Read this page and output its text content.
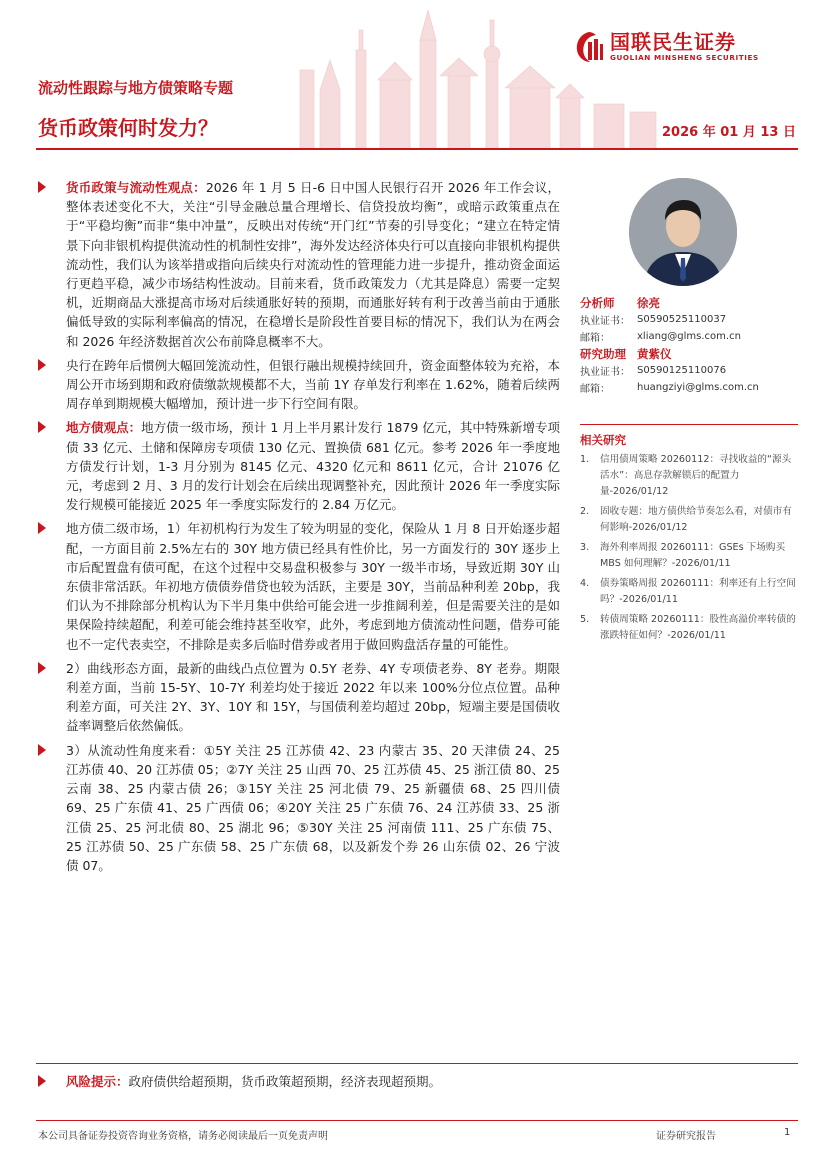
国联民生证券
GUOLIAN MINSHENG SECURITIES
流动性跟踪与地方债策略专题
货币政策何时发力？	2026 年 01 月 13 日
货币政策与流动性观点：2026 年 1 月 5 日-6 日中国人民银行召开 2026 年工作会议，整体表述变化不大，关注“引导金融总量合理增长、信贷投放均衡”，或暗示政策重点在于“平稳均衡”而非“集中冲量”，反映出对传统“开门红”节奏的引导变化；“建立在特定情景下向非银机构提供流动性的机制性安排”，海外发达经济体央行可以直接向非银机构提供流动性，我们认为该举措或指向后续央行对流动性的管理能力进一步提升，推动资金面运行更趋平稳，减少市场结构性波动。目前来看，货币政策发力（尤其是降息）需要一定契机，近期商品大涨提高市场对后续通胀好转的预期，而通胀好转有利于改善当前由于通胀偏低导致的实际利率偏高的情况，在稳增长是阶段性首要目标的情况下，我们认为在两会和 2026 年经济数据首次公布前降息概率不大。
央行在跨年后惯例大幅回笼流动性，但银行融出规模持续回升，资金面整体较为充裕，本周公开市场到期和政府债缴款规模都不大，当前 1Y 存单发行利率在 1.62%，随着后续两周存单到期规模大幅增加，预计进一步下行空间有限。
地方债观点：地方债一级市场，预计 1 月上半月累计发行 1879 亿元，其中特殊新增专项债 33 亿元、土储和保障房专项债 130 亿元、置换债 681 亿元。参考 2026 年一季度地方债发行计划，1-3 月分别为 8145 亿元、4320 亿元和 8611 亿元，合计 21076 亿元，考虑到 2 月、3 月的发行计划会在后续出现调整补充，因此预计 2026 年一季度实际发行规模可能接近 2025 年一季度实际发行的 2.84 万亿元。
地方债二级市场，1）年初机构行为发生了较为明显的变化，保险从 1 月 8 日开始逐步超配，一方面目前 2.5%左右的 30Y 地方债已经具有性价比，另一方面发行的 30Y 逐步上市后配置盘有债可配，在这个过程中交易盘积极参与 30Y 一级半市场，导致近期 30Y 山东债非常活跃。年初地方债债券借贷也较为活跃，主要是 30Y，当前品种利差 20bp，我们认为不排除部分机构认为下半月集中供给可能会进一步推阔利差，但是需要关注的是如果保险持续超配，利差可能会维持甚至收窄，此外，考虑到地方债流动性问题，借券可能也不一定代表卖空，不排除是卖多后临时借券或者用于做回购盘活存量的可能性。
2）曲线形态方面，最新的曲线凸点位置为 0.5Y 老券、4Y 专项债老券、8Y 老券。期限利差方面，当前 15-5Y、10-7Y 利差均处于接近 2022 年以来 100%分位点位置。品种利差方面，可关注 2Y、3Y、10Y 和 15Y，与国债利差均超过 20bp，短端主要是国债收益率调整后依然偏低。
3）从流动性角度来看：①5Y 关注 25 江苏债 42、23 内蒙古 35、20 天津债 24、25 江苏债 40、20 江苏债 05；②7Y 关注 25 山西 70、25 江苏债 45、25 浙江债 80、25 云南 38、25 内蒙古债 26；③15Y 关注 25 河北债 79、25 新疆债 68、25 四川债 69、25 广东债 41、25 广西债 06；④20Y 关注 25 广东债 76、24 江苏债 33、25 浙江债 25、25 河北债 80、25 湖北 96；⑤30Y 关注 25 河南债 111、25 广东债 75、25 江苏债 50、25 广东债 58、25 广东债 68，以及新发个券 26 山东债 02、26 宁波债 07。
风险提示：政府债供给超预期，货币政策超预期，经济表现超预期。
分析师	徐亮
执业证书： S0590525110037
邮箱：	xliang@glms.com.cn
研究助理 黄紫仪
执业证书： S0590125110076
邮箱：	huangziyi@glms.com.cn
相关研究
1. 信用债周策略 20260112：寻找收益的“源头活水”：高息存款解锁后的配置力量-2026/01/12
2. 固收专题：地方债供给节奏怎么看，对债市有何影响-2026/01/12
3. 海外利率周报 20260111：GSEs 下场购买 MBS 如何理解？-2026/01/11
4. 债券策略周报 20260111：利率还有上行空间吗？-2026/01/11
5. 转债周策略 20260111：股性高溢价率转债的涨跌特征如何？-2026/01/11
本公司具备证券投资咨询业务资格，请务必阅读最后一页免责声明	证券研究报告	1
